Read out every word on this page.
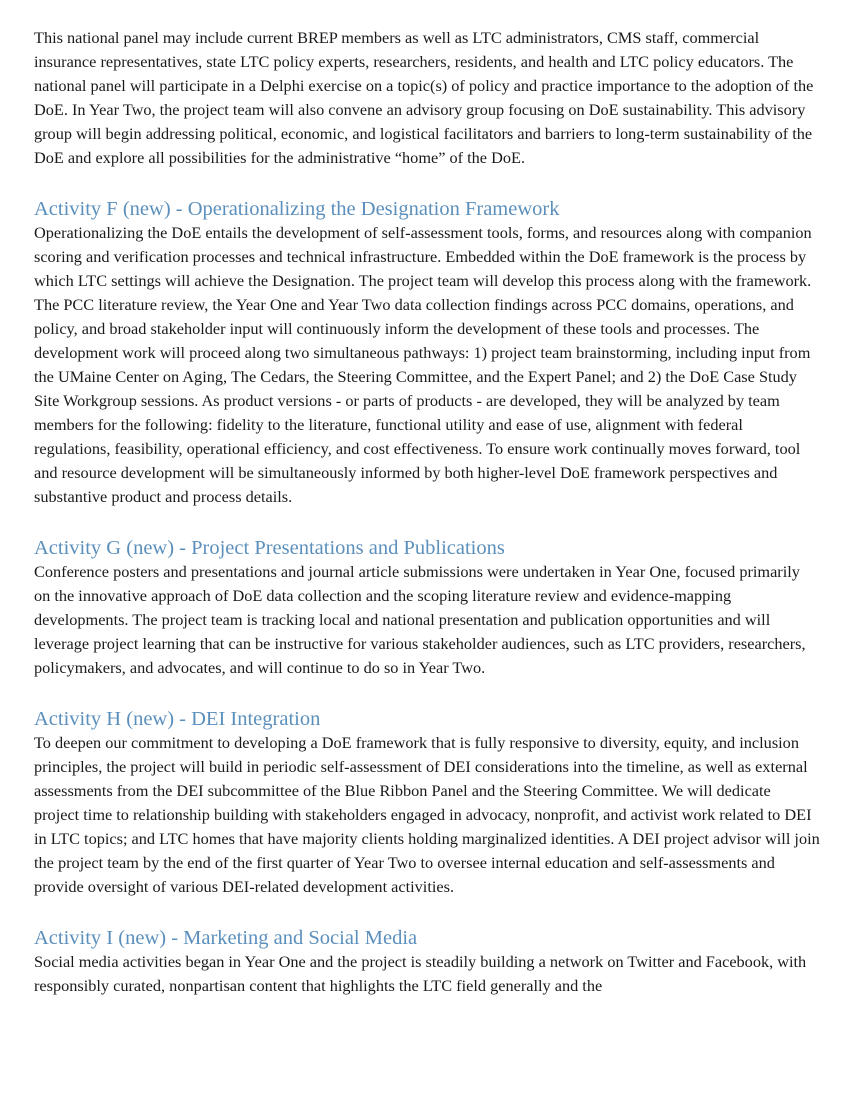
This national panel may include current BREP members as well as LTC administrators, CMS staff, commercial insurance representatives, state LTC policy experts, researchers, residents, and health and LTC policy educators. The national panel will participate in a Delphi exercise on a topic(s) of policy and practice importance to the adoption of the DoE. In Year Two, the project team will also convene an advisory group focusing on DoE sustainability. This advisory group will begin addressing political, economic, and logistical facilitators and barriers to long-term sustainability of the DoE and explore all possibilities for the administrative “home” of the DoE.

Activity F (new) - Operationalizing the Designation Framework

Operationalizing the DoE entails the development of self-assessment tools, forms, and resources along with companion scoring and verification processes and technical infrastructure. Embedded within the DoE framework is the process by which LTC settings will achieve the Designation. The project team will develop this process along with the framework. The PCC literature review, the Year One and Year Two data collection findings across PCC domains, operations, and policy, and broad stakeholder input will continuously inform the development of these tools and processes. The development work will proceed along two simultaneous pathways: 1) project team brainstorming, including input from the UMaine Center on Aging, The Cedars, the Steering Committee, and the Expert Panel; and 2) the DoE Case Study Site Workgroup sessions. As product versions - or parts of products - are developed, they will be analyzed by team members for the following: fidelity to the literature, functional utility and ease of use, alignment with federal regulations, feasibility, operational efficiency, and cost effectiveness. To ensure work continually moves forward, tool and resource development will be simultaneously informed by both higher-level DoE framework perspectives and substantive product and process details.

Activity G (new) - Project Presentations and Publications

Conference posters and presentations and journal article submissions were undertaken in Year One, focused primarily on the innovative approach of DoE data collection and the scoping literature review and evidence-mapping developments. The project team is tracking local and national presentation and publication opportunities and will leverage project learning that can be instructive for various stakeholder audiences, such as LTC providers, researchers, policymakers, and advocates, and will continue to do so in Year Two.

Activity H (new) - DEI Integration

To deepen our commitment to developing a DoE framework that is fully responsive to diversity, equity, and inclusion principles, the project will build in periodic self-assessment of DEI considerations into the timeline, as well as external assessments from the DEI subcommittee of the Blue Ribbon Panel and the Steering Committee. We will dedicate project time to relationship building with stakeholders engaged in advocacy, nonprofit, and activist work related to DEI in LTC topics; and LTC homes that have majority clients holding marginalized identities. A DEI project advisor will join the project team by the end of the first quarter of Year Two to oversee internal education and self-assessments and provide oversight of various DEI-related development activities.

Activity I (new) - Marketing and Social Media

Social media activities began in Year One and the project is steadily building a network on Twitter and Facebook, with responsibly curated, nonpartisan content that highlights the LTC field generally and the
